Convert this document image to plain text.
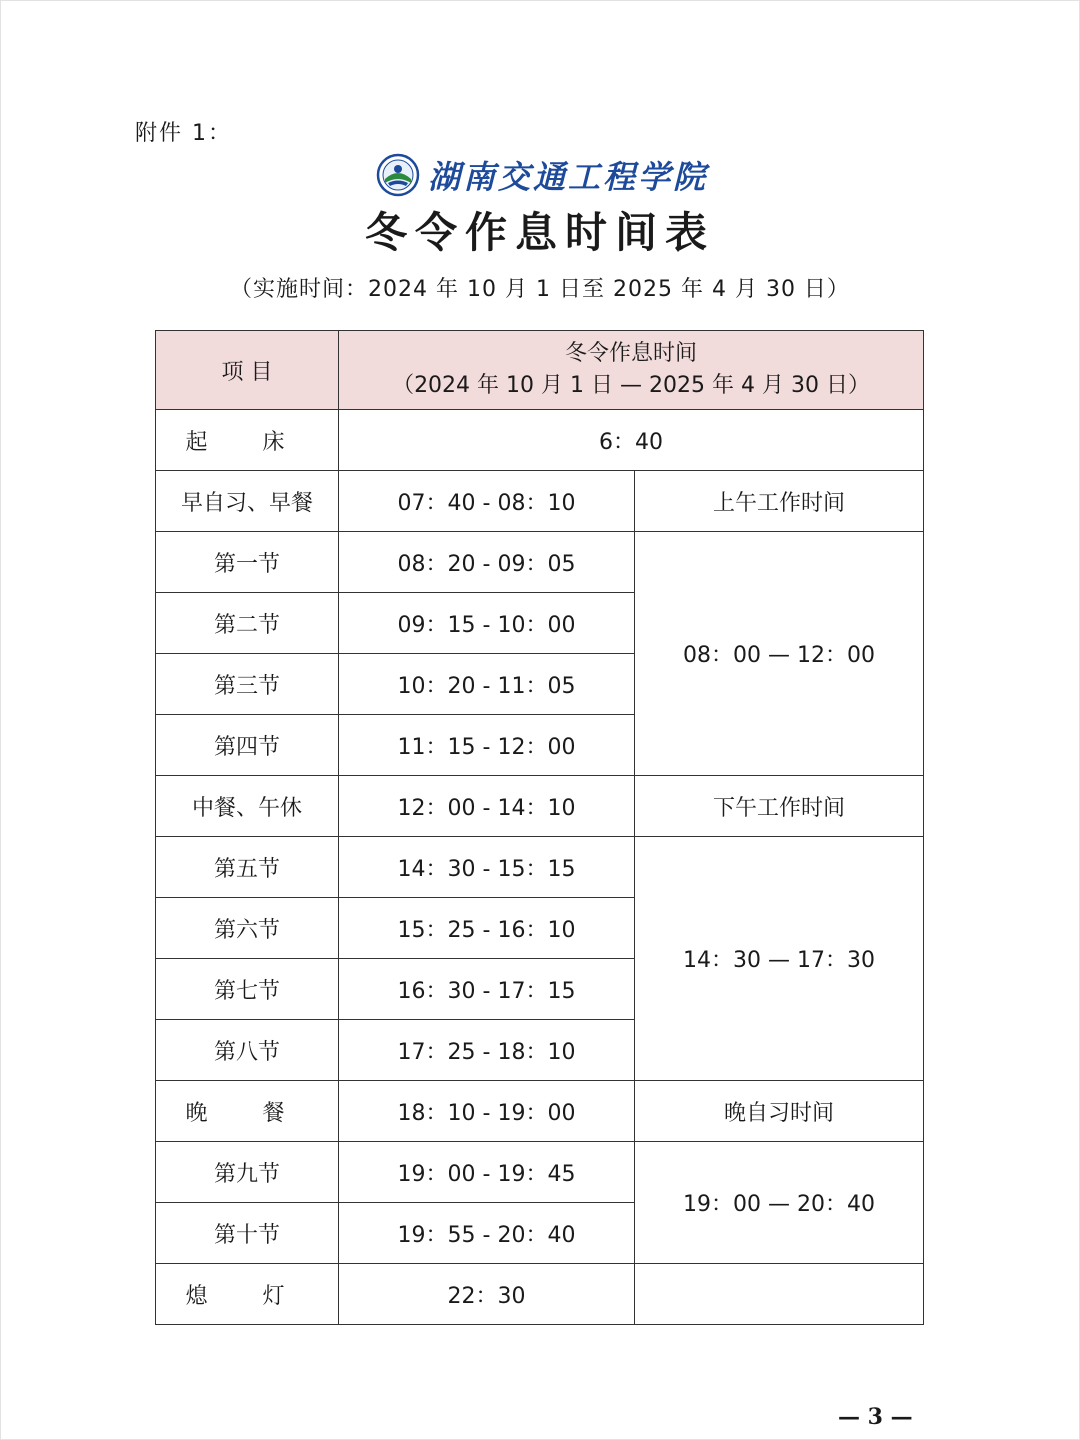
附件 1：
湖南交通工程学院
冬令作息时间表
（实施时间：2024 年 10 月 1 日至 2025 年 4 月 30 日）
项 目	冬令作息时间
（2024 年 10 月 1 日 — 2025 年 4 月 30 日）	

起 床	6：40	
早自习、早餐	07：40 - 08：10	上午工作时间
第一节	08：20 - 09：05	08：00 — 12：00
第二节	09：15 - 10：00	
第三节	10：20 - 11：05	
第四节	11：15 - 12：00	
中餐、午休	12：00 - 14：10	下午工作时间
第五节	14：30 - 15：15	14：30 — 17：30
第六节	15：25 - 16：10	
第七节	16：30 - 17：15	
第八节	17：25 - 18：10	
晚 餐	18：10 - 19：00	晚自习时间
第九节	19：00 - 19：45	19：00 — 20：40
第十节	19：55 - 20：40	
熄 灯	22：30	
— 3 —
